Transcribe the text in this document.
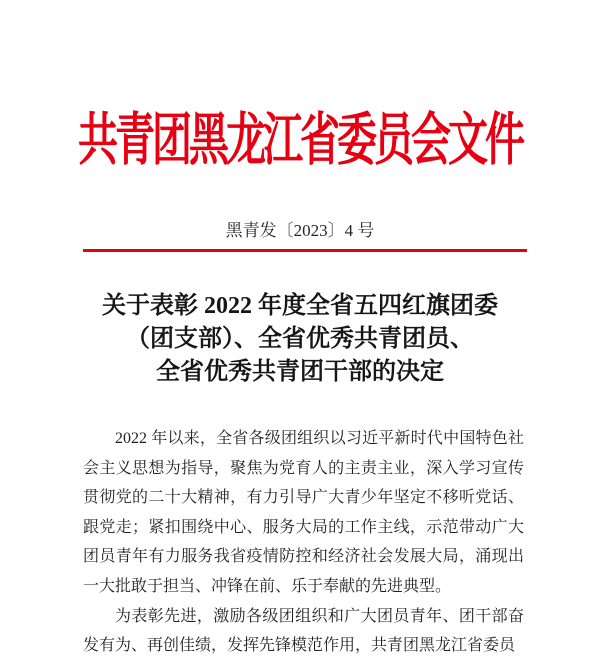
共青团黑龙江省委员会文件
黑青发〔2023〕4 号
关于表彰 2022 年度全省五四红旗团委
（团支部）、全省优秀共青团员、
全省优秀共青团干部的决定

2022 年以来，全省各级团组织以习近平新时代中国特色社会主义思想为指导，聚焦为党育人的主责主业，深入学习宣传贯彻党的二十大精神，有力引导广大青少年坚定不移听党话、跟党走；紧扣围绕中心、服务大局的工作主线，示范带动广大团员青年有力服务我省疫情防控和经济社会发展大局，涌现出一大批敢于担当、冲锋在前、乐于奉献的先进典型。

为表彰先进，激励各级团组织和广大团员青年、团干部奋发有为、再创佳绩，发挥先锋模范作用，共青团黑龙江省委员
